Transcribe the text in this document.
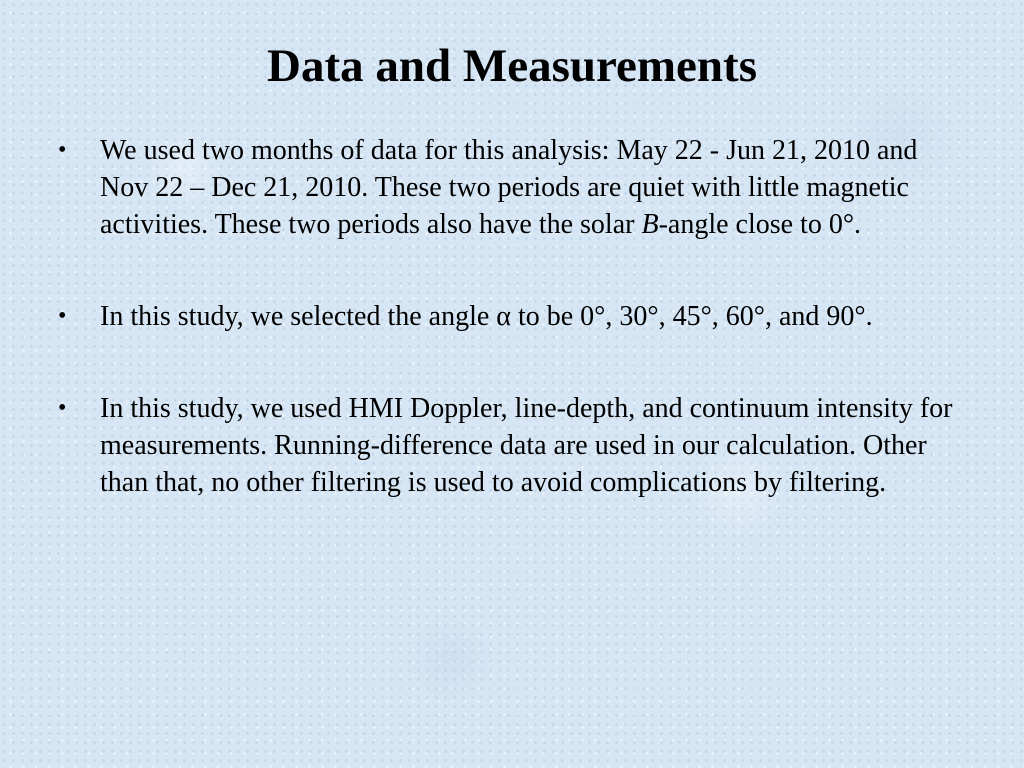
Data and Measurements
• We used two months of data for this analysis: May 22 - Jun 21, 2010 and Nov 22 – Dec 21, 2010. These two periods are quiet with little magnetic activities. These two periods also have the solar B-angle close to 0°.
• In this study, we selected the angle α to be 0°, 30°, 45°, 60°, and 90°.
• In this study, we used HMI Doppler, line-depth, and continuum intensity for measurements. Running-difference data are used in our calculation. Other than that, no other filtering is used to avoid complications by filtering.
